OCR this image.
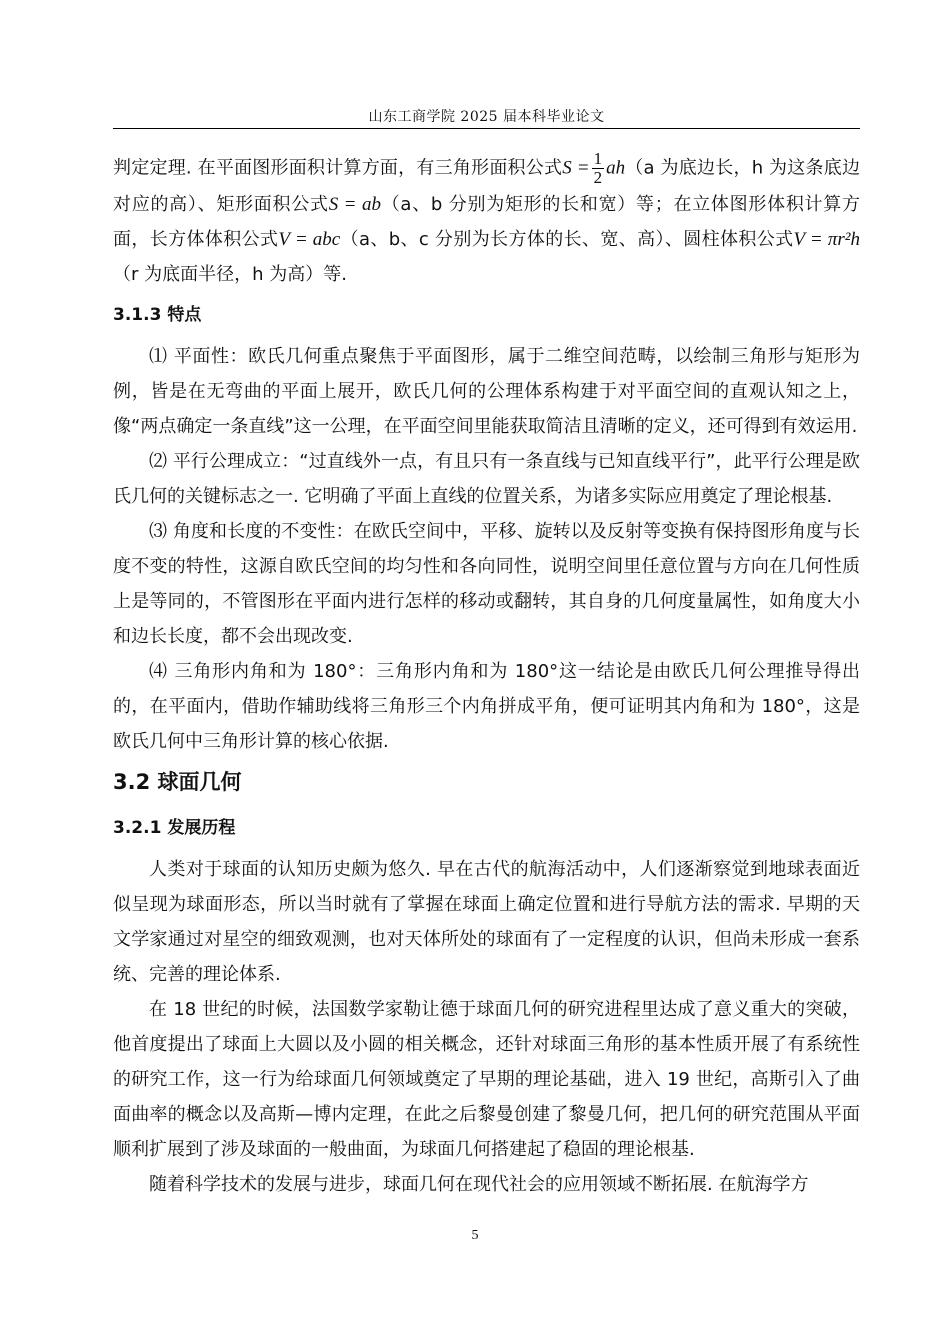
山东工商学院 2025 届本科毕业论文

判定定理. 在平面图形面积计算方面，有三角形面积公式$S = \frac{1}{2} ah(a$ 为底边长，h 为这条底边对应的高）、矩形面积公式S = ab（a、b 分别为矩形的长和宽）等；在立体图形体积计算方面，长方体体积公式V = abc（a、b、c 分别为长方体的长、宽、高）、圆柱体积公式V = πr²h（r 为底面半径，h 为高）等.

3.1.3 特点

⑴ 平面性：欧氏几何重点聚焦于平面图形，属于二维空间范畴，以绘制三角形与矩形为例，皆是在无弯曲的平面上展开，欧氏几何的公理体系构建于对平面空间的直观认知之上，像“两点确定一条直线”这一公理，在平面空间里能获取简洁且清晰的定义，还可得到有效运用.

⑵ 平行公理成立：“过直线外一点，有且只有一条直线与已知直线平行”，此平行公理是欧氏几何的关键标志之一. 它明确了平面上直线的位置关系，为诸多实际应用奠定了理论根基.

⑶ 角度和长度的不变性：在欧氏空间中，平移、旋转以及反射等变换有保持图形角度与长度不变的特性，这源自欧氏空间的均匀性和各向同性，说明空间里任意位置与方向在几何性质上是等同的，不管图形在平面内进行怎样的移动或翻转，其自身的几何度量属性，如角度大小和边长长度，都不会出现改变.

⑷ 三角形内角和为 180°：三角形内角和为 180°这一结论是由欧氏几何公理推导得出的，在平面内，借助作辅助线将三角形三个内角拼成平角，便可证明其内角和为 180°，这是欧氏几何中三角形计算的核心依据.

3.2 球面几何
3.2.1 发展历程

人类对于球面的认知历史颇为悠久. 早在古代的航海活动中，人们逐渐察觉到地球表面近似呈现为球面形态，所以当时就有了掌握在球面上确定位置和进行导航方法的需求. 早期的天文学家通过对星空的细致观测，也对天体所处的球面有了一定程度的认识，但尚未形成一套系统、完善的理论体系.

在 18 世纪的时候，法国数学家勒让德于球面几何的研究进程里达成了意义重大的突破，他首度提出了球面上大圆以及小圆的相关概念，还针对球面三角形的基本性质开展了有系统性的研究工作，这一行为给球面几何领域奠定了早期的理论基础，进入 19 世纪，高斯引入了曲面曲率的概念以及高斯—博内定理，在此之后黎曼创建了黎曼几何，把几何的研究范围从平面顺利扩展到了涉及球面的一般曲面，为球面几何搭建起了稳固的理论根基.

随着科学技术的发展与进步，球面几何在现代社会的应用领域不断拓展. 在航海学方

5
